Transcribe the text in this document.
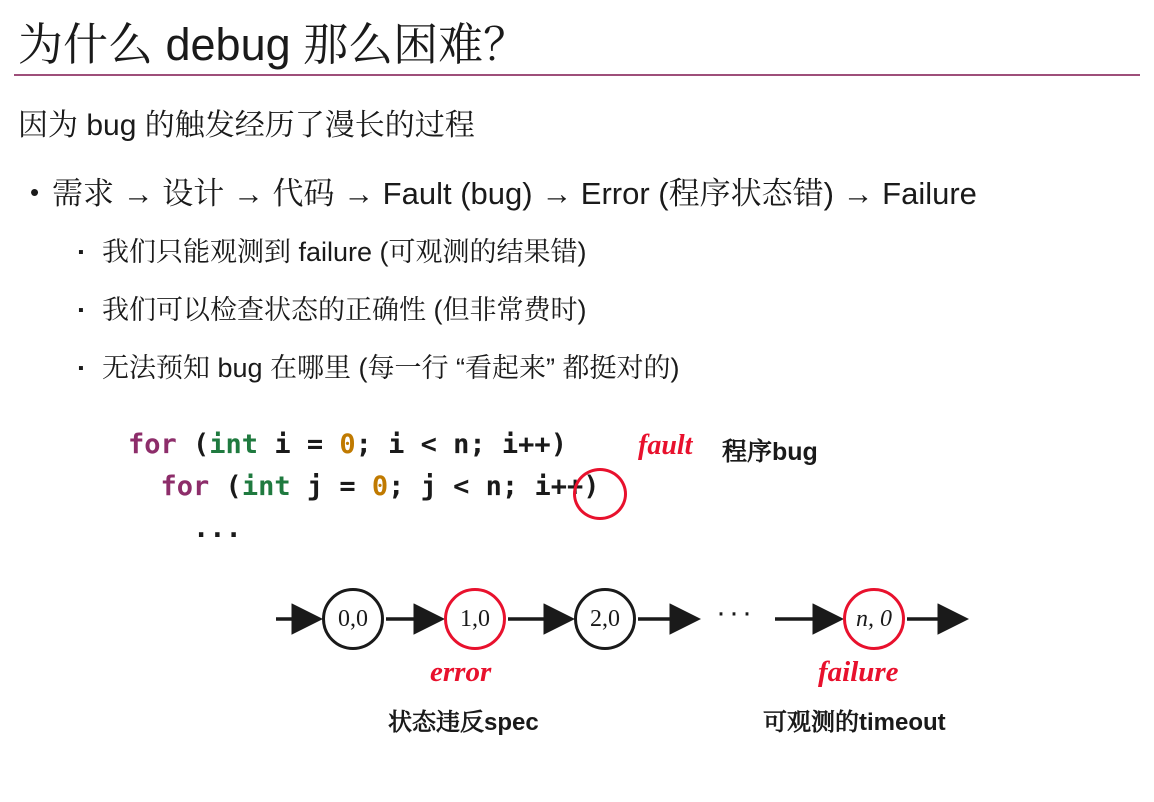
为什么 debug 那么困难？
因为 bug 的触发经历了漫长的过程
• 需求 → 设计 → 代码 → Fault (bug) → Error (程序状态错) → Failure
▪ 我们只能观测到 failure (可观测的结果错)
▪ 我们可以检查状态的正确性 (但非常费时)
▪ 无法预知 bug 在哪里 (每一行 “看起来” 都挺对的)
for (int i = 0; i < n; i++)
for (int j = 0; j < n; i++)
...
fault 程序bug
0,0	1,0	2,0	n, 0
···
error
状态违反spec
failure
可观测的timeout
